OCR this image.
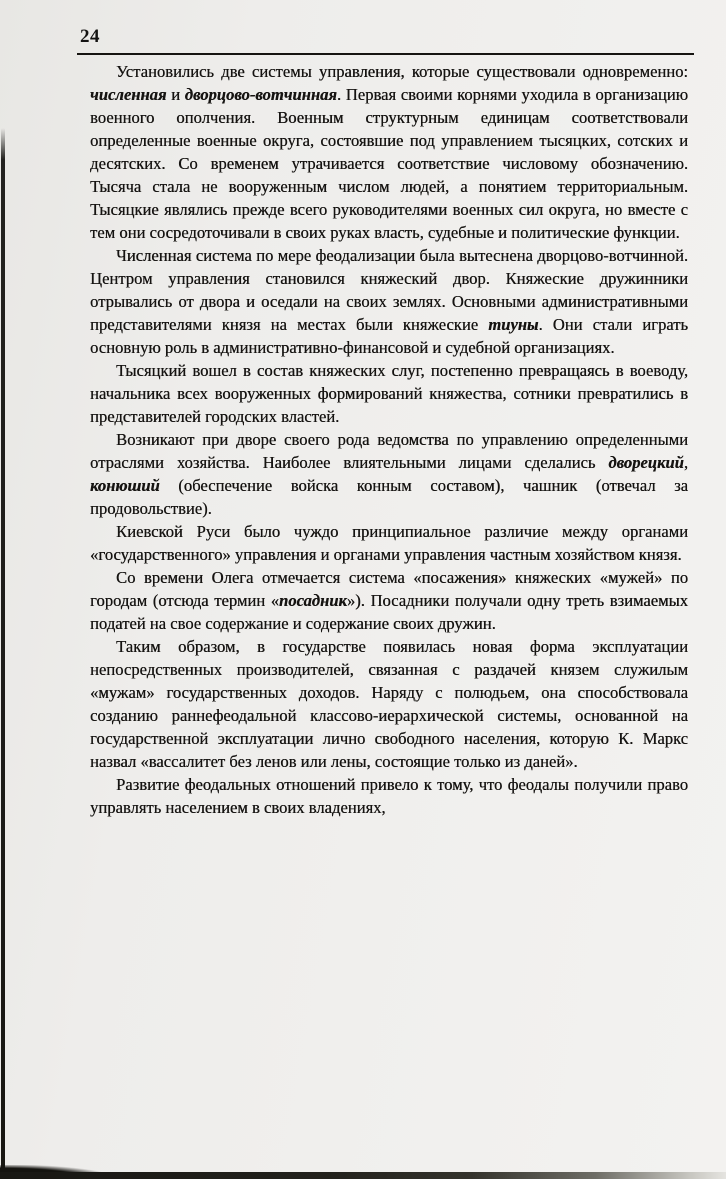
24

Установились две системы управления, которые существовали одновременно: численная и дворцово-вотчинная. Первая своими корнями уходила в организацию военного ополчения. Военным структурным единицам соответствовали определенные военные округа, состоявшие под управлением тысяцких, сотских и десятских. Со временем утрачивается соответствие числовому обозначению. Тысяча стала не вооруженным числом людей, а понятием территориальным. Тысяцкие являлись прежде всего руководителями военных сил округа, но вместе с тем они сосредоточивали в своих руках власть, судебные и политические функции.

Численная система по мере феодализации была вытеснена дворцово-вотчинной. Центром управления становился княжеский двор. Княжеские дружинники отрывались от двора и оседали на своих землях. Основными административными представителями князя на местах были княжеские тиуны. Они стали играть основную роль в административно-финансовой и судебной организациях.

Тысяцкий вошел в состав княжеских слуг, постепенно превращаясь в воеводу, начальника всех вооруженных формирований княжества, сотники превратились в представителей городских властей.

Возникают при дворе своего рода ведомства по управлению определенными отраслями хозяйства. Наиболее влиятельными лицами сделались дворецкий, конюший (обеспечение войска конным составом), чашник (отвечал за продовольствие).

Киевской Руси было чуждо принципиальное различие между органами «государственного» управления и органами управления частным хозяйством князя.

Со времени Олега отмечается система «посажения» княжеских «мужей» по городам (отсюда термин «посадник»). Посадники получали одну треть взимаемых податей на свое содержание и содержание своих дружин.

Таким образом, в государстве появилась новая форма эксплуатации непосредственных производителей, связанная с раздачей князем служилым «мужам» государственных доходов. Наряду с полюдьем, она способствовала созданию раннефеодальной классово-иерархической системы, основанной на государственной эксплуатации лично свободного населения, которую К. Маркс назвал «вассалитет без ленов или лены, состоящие только из даней».

Развитие феодальных отношений привело к тому, что феодалы получили право управлять населением в своих владениях,
